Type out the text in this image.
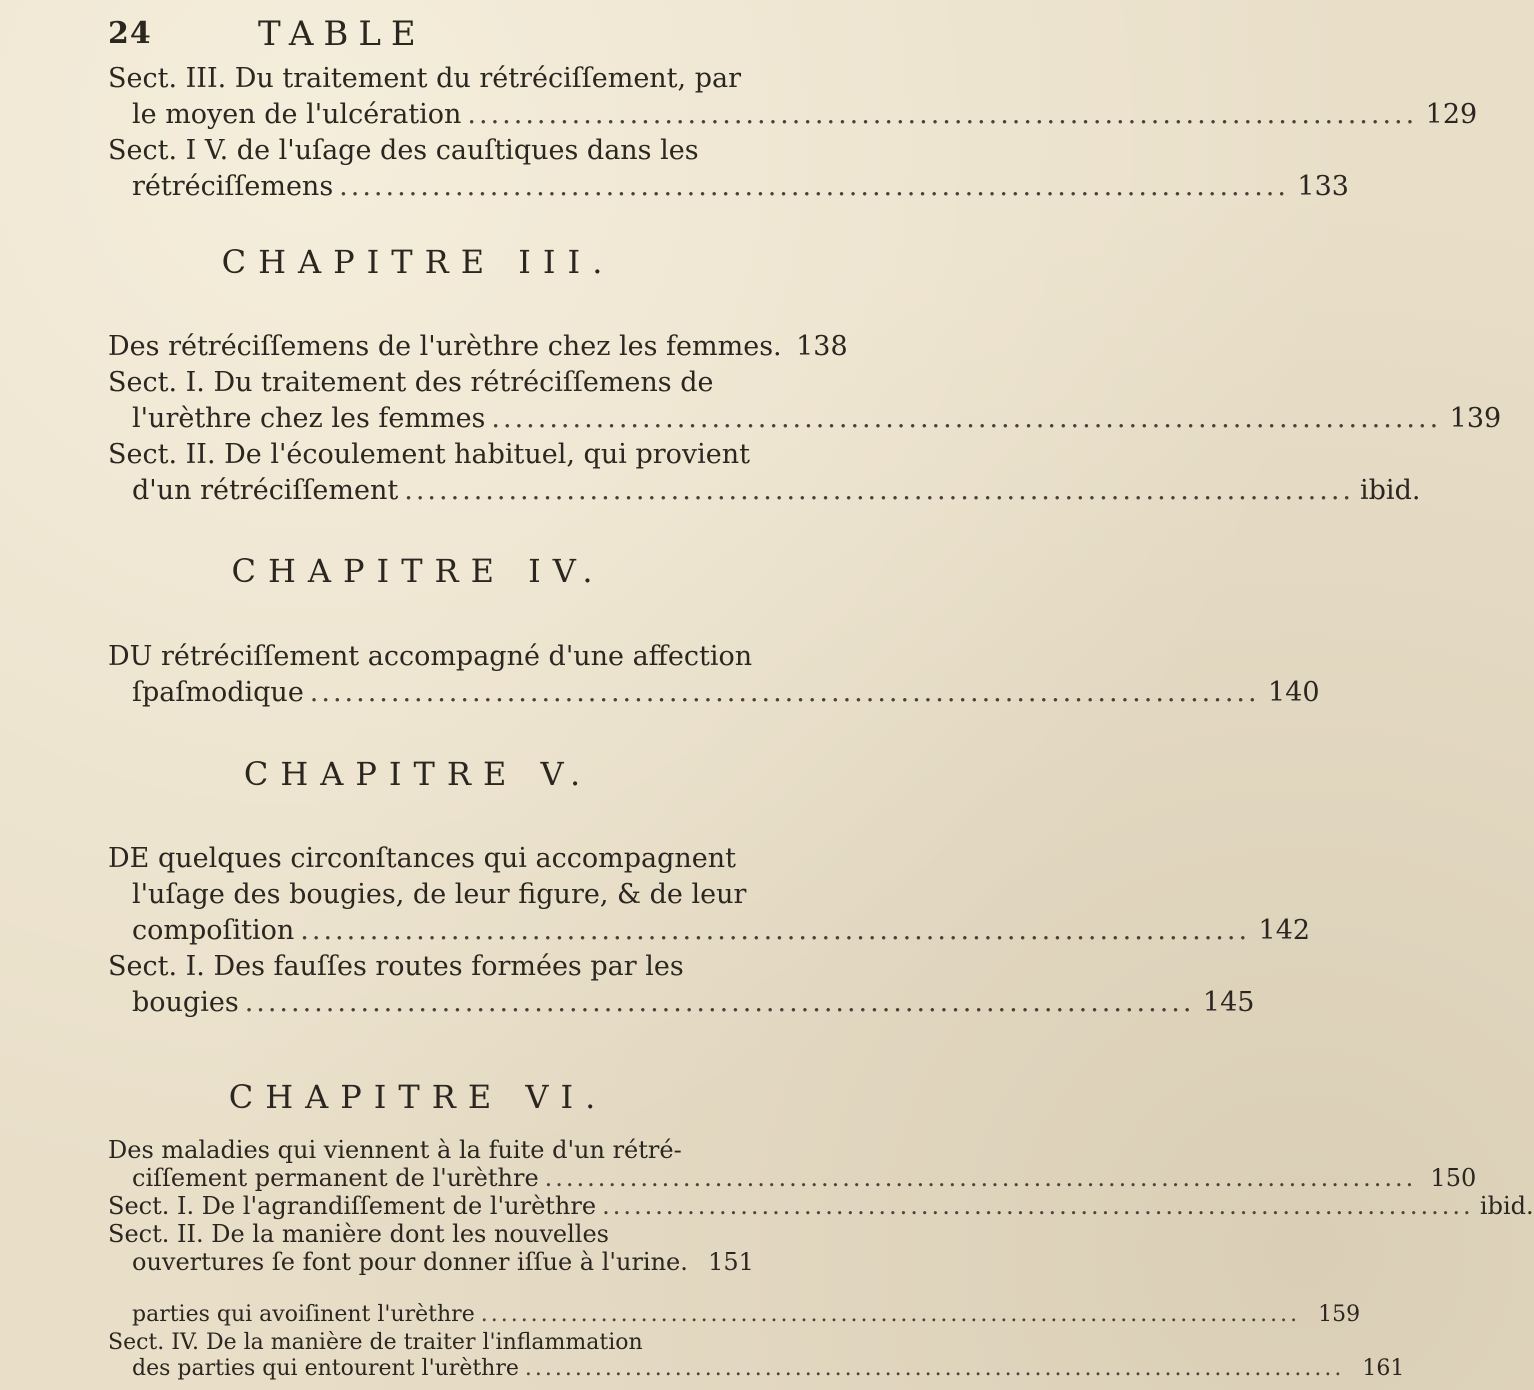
24	TABLE
Sect. III. Du traitement du rétréciſſement, par
le moyen de l'ulcération .................................................................................. 129
Sect. I V. de l'uſage des cauſtiques dans les
rétréciſſemens .................................................................................. 133
CHAPITRE III.
Des rétréciſſemens de l'urèthre chez les femmes. 138
Sect. I. Du traitement des rétréciſſemens de
l'urèthre chez les femmes .................................................................................. 139
Sect. II. De l'écoulement habituel, qui provient
d'un rétréciſſement .................................................................................. ibid.
CHAPITRE IV.
DU rétréciſſement accompagné d'une affection
ſpaſmodique .................................................................................. 140
CHAPITRE V.
DE quelques circonſtances qui accompagnent
l'uſage des bougies, de leur figure, & de leur
compoſition .................................................................................. 142
Sect. I. Des fauſſes routes formées par les
bougies .................................................................................. 145
CHAPITRE VI.
Des maladies qui viennent à la fuite d'un rétré-
ciſſement permanent de l'urèthre .................................................................................. 150
Sect. I. De l'agrandiſſement de l'urèthre .................................................................................. ibid.
Sect. II. De la manière dont les nouvelles
ouvertures ſe font pour donner iſſue à l'urine. 151
parties qui avoiſinent l'urèthre .................................................................................. 159
Sect. IV. De la manière de traiter l'inflammation
des parties qui entourent l'urèthre .................................................................................. 161
